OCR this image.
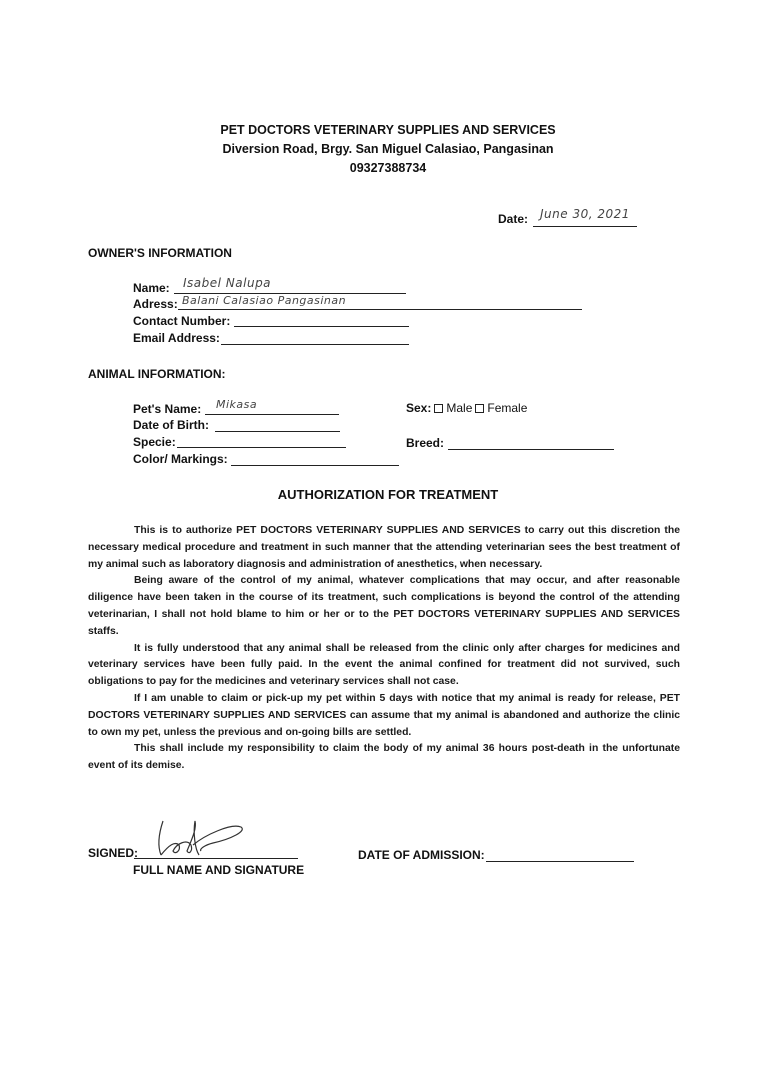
PET DOCTORS VETERINARY SUPPLIES AND SERVICES
Diversion Road, Brgy. San Miguel Calasiao, Pangasinan
09327388734
Date: June 30, 2021
OWNER'S INFORMATION
Name: Isabel Nalupa
Adress: Balani Calasiao Pangasinan
Contact Number:
Email Address:
ANIMAL INFORMATION:
Pet's Name: Mikasa
Date of Birth:
Specie:
Color/ Markings:
Sex: Male Female
Breed:
AUTHORIZATION FOR TREATMENT

This is to authorize PET DOCTORS VETERINARY SUPPLIES AND SERVICES to carry out this discretion the necessary medical procedure and treatment in such manner that the attending veterinarian sees the best treatment of my animal such as laboratory diagnosis and administration of anesthetics, when necessary.

Being aware of the control of my animal, whatever complications that may occur, and after reasonable diligence have been taken in the course of its treatment, such complications is beyond the control of the attending veterinarian, I shall not hold blame to him or her or to the PET DOCTORS VETERINARY SUPPLIES AND SERVICES staffs.

It is fully understood that any animal shall be released from the clinic only after charges for medicines and veterinary services have been fully paid. In the event the animal confined for treatment did not survived, such obligations to pay for the medicines and veterinary services shall not case.

If I am unable to claim or pick-up my pet within 5 days with notice that my animal is ready for release, PET DOCTORS VETERINARY SUPPLIES AND SERVICES can assume that my animal is abandoned and authorize the clinic to own my pet, unless the previous and on-going bills are settled.

This shall include my responsibility to claim the body of my animal 36 hours post-death in the unfortunate event of its demise.

SIGNED:
FULL NAME AND SIGNATURE
DATE OF ADMISSION:
